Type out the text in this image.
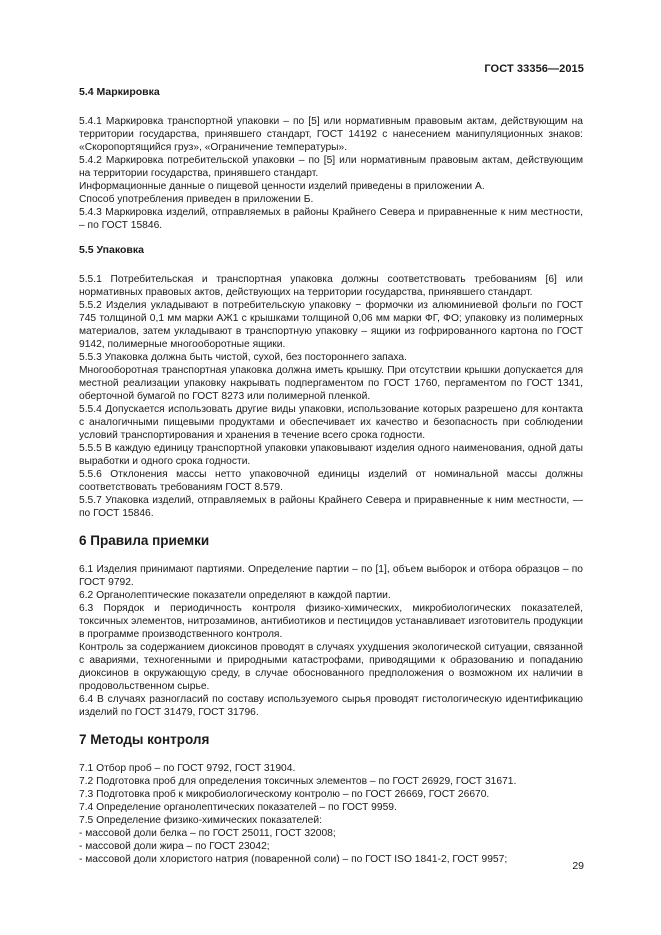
ГОСТ 33356—2015
5.4 Маркировка

5.4.1 Маркировка транспортной упаковки – по [5] или нормативным правовым актам, действующим на территории государства, принявшего стандарт, ГОСТ 14192 с нанесением манипуляционных знаков: «Скоропортящийся груз», «Ограничение температуры».

5.4.2 Маркировка потребительской упаковки – по [5] или нормативным правовым актам, действующим на территории государства, принявшего стандарт.

Информационные данные о пищевой ценности изделий приведены в приложении А.

Способ употребления приведен в приложении Б.

5.4.3 Маркировка изделий, отправляемых в районы Крайнего Севера и приравненные к ним местности, – по ГОСТ 15846.

5.5 Упаковка

5.5.1 Потребительская и транспортная упаковка должны соответствовать требованиям [6] или нормативных правовых актов, действующих на территории государства, принявшего стандарт.

5.5.2 Изделия укладывают в потребительскую упаковку − формочки из алюминиевой фольги по ГОСТ 745 толщиной 0,1 мм марки АЖ1 с крышками толщиной 0,06 мм марки ФГ, ФО; упаковку из полимерных материалов, затем укладывают в транспортную упаковку – ящики из гофрированного картона по ГОСТ 9142, полимерные многооборотные ящики.

5.5.3 Упаковка должна быть чистой, сухой, без постороннего запаха.

Многооборотная транспортная упаковка должна иметь крышку. При отсутствии крышки допускается для местной реализации упаковку накрывать подпергаментом по ГОСТ 1760, пергаментом по ГОСТ 1341, оберточной бумагой по ГОСТ 8273 или полимерной пленкой.

5.5.4 Допускается использовать другие виды упаковки, использование которых разрешено для контакта с аналогичными пищевыми продуктами и обеспечивает их качество и безопасность при соблюдении условий транспортирования и хранения в течение всего срока годности.

5.5.5 В каждую единицу транспортной упаковки упаковывают изделия одного наименования, одной даты выработки и одного срока годности.

5.5.6 Отклонения массы нетто упаковочной единицы изделий от номинальной массы должны соответствовать требованиям ГОСТ 8.579.

5.5.7 Упаковка изделий, отправляемых в районы Крайнего Севера и приравненные к ним местности, — по ГОСТ 15846.

6 Правила приемки

6.1 Изделия принимают партиями. Определение партии – по [1], объем выборок и отбора образцов – по ГОСТ 9792.

6.2 Органолептические показатели определяют в каждой партии.

6.3 Порядок и периодичность контроля физико-химических, микробиологических показателей, токсичных элементов, нитрозаминов, антибиотиков и пестицидов устанавливает изготовитель продукции в программе производственного контроля.

Контроль за содержанием диоксинов проводят в случаях ухудшения экологической ситуации, связанной с авариями, техногенными и природными катастрофами, приводящими к образованию и попаданию диоксинов в окружающую среду, в случае обоснованного предположения о возможном их наличии в продовольственном сырье.

6.4 В случаях разногласий по составу используемого сырья проводят гистологическую идентификацию изделий по ГОСТ 31479, ГОСТ 31796.

7 Методы контроля

7.1 Отбор проб – по ГОСТ 9792, ГОСТ 31904.

7.2 Подготовка проб для определения токсичных элементов – по ГОСТ 26929, ГОСТ 31671.

7.3 Подготовка проб к микробиологическому контролю – по ГОСТ 26669, ГОСТ 26670.

7.4 Определение органолептических показателей – по ГОСТ 9959.

7.5 Определение физико-химических показателей:

- массовой доли белка – по ГОСТ 25011, ГОСТ 32008;

- массовой доли жира – по ГОСТ 23042;

- массовой доли хлористого натрия (поваренной соли) – по ГОСТ ISO 1841-2, ГОСТ 9957;

29
